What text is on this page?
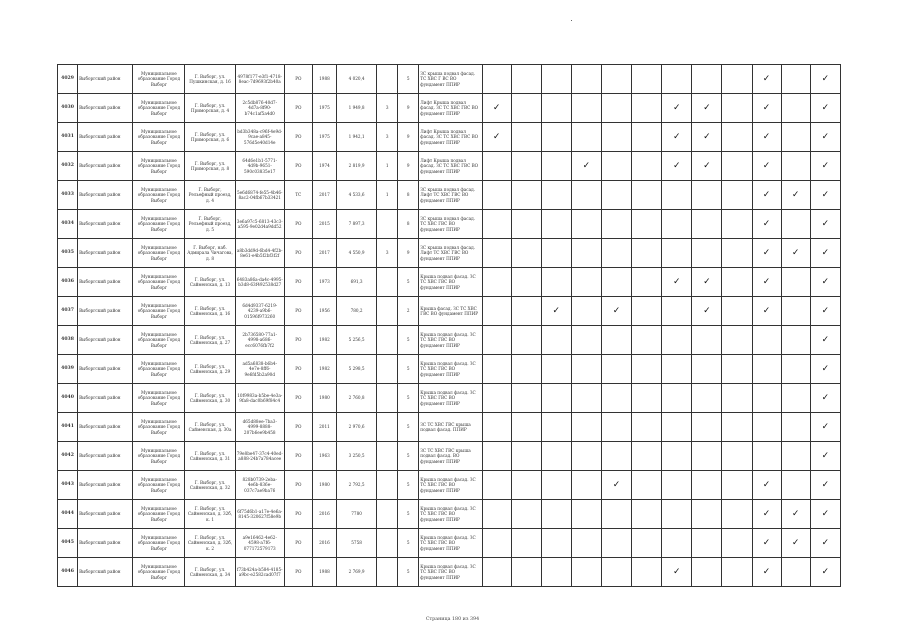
4029	Выборгский район	Муниципальное образование Город Выборг	Г. Выборг, ул. Пушкинская, д. 16	4978f177-e3f1-4718-8eac-7d9693f2b40a	РО	1988	4 020,4		5	ЗС крыша подвал фасад. ТС ХВС Г ВС ВО фундамент ППИР										✓		✓
4030	Выборгский район	Муниципальное образование Город Выборг	Г. Выборг, ул. Приморская, д. 4	2c5db876-40d7-4d7a-8f90-b74c1af5a4d0	РО	1975	1 949,8	3	9	Лифт Крыша подвал фасад. ЗС ТС ХВС ГВС ВО фундамент ППИР	✓						✓	✓		✓		✓
4031	Выборгский район	Муниципальное образование Город Выборг	Г. Выборг, ул. Приморская, д. 6	bd3b348a-c96f-4e9d-9cae-a845-576d5e40d14e	РО	1975	1 942,1	3	9	Лифт Крыша подвал фасад. ЗС ТС ХВС ГВС ВО фундамент ППИР	✓						✓	✓		✓		✓
4032	Выборгский район	Муниципальное образование Город Выборг	Г. Выборг, ул. Приморская, д. 8	64d6e1b1-5771-4d9b-9651-590c03835e17	РО	1974	2 819,9	1	9	Лифт Крыша подвал фасад. ЗС ТС ХВС ГВС ВО фундамент ППИР				✓			✓	✓		✓		✓
4033	Выборгский район	Муниципальное образование Город Выборг	Г. Выборг, Рельефный проезд, д. 4	5e6d6874-fe55-4b46-8ac2-04fb67b33421	ТС	2017	4 533,6	1	8	ЗС крыша подвал фасад. Лифт ТС ХВС ГВС ВО фундамент ППИР										✓	✓	✓
4034	Выборгский район	Муниципальное образование Город Выборг	Г. Выборг, Рельефный проезд, д. 5	3e6a97c5-6813-43c3-a595-9e02d4a9dd52	РО	2015	7 897,3		8	ЗС крыша подвал фасад. ТС ХВС ГВС ВО фундамент ППИР										✓		✓
4035	Выборгский район	Муниципальное образование Город Выборг	Г. Выборг, наб. Адмирала Чичагова, д. 8	a8b3dd9d-6bd4-4f2b-8e61-e4b5f2bf3f2f	РО	2017	4 550,9	3	9	ЗС крыша подвал фасад. Лифт ТС ХВС ГВС ВО фундамент ППИР										✓	✓	✓
4036	Выборгский район	Муниципальное образование Город Выборг	Г. Выборг, ул. Сайменская, д. 13	6483a86a-da4c-4995-b3d8-63f492538d27	РО	1973	691,3		5	Крыша подвал фасад. ЗС ТС ХВС ГВС ВО фундамент ППИР							✓	✓		✓		✓
4037	Выборгский район	Муниципальное образование Город Выборг	Г. Выборг, ул. Сайменская, д. 16	6d4d9337-6219-4239-a9b6-01596f973260	РО	1956	780,2		2	Крыша фасад. ЗС ТС ХВС ГВС ВО фундамент ППИР			✓		✓			✓		✓		✓
4038	Выборгский район	Муниципальное образование Город Выборг	Г. Выборг, ул. Сайменская, д. 27	2b736580-77a1-4998-a686-ecc6076fb7f2	РО	1982	5 256,5		5	Крыша подвал фасад. ЗС ТС ХВС ГВС ВО фундамент ППИР												✓
4039	Выборгский район	Муниципальное образование Город Выборг	Г. Выборг, ул. Сайменская, д. 29	ad5a6838-b6b4-4e7e-8ff6-9e6fd5b2a90d	РО	1982	5 298,5		5	Крыша подвал фасад. ЗС ТС ХВС ГВС ВО фундамент ППИР												✓
4040	Выборгский район	Муниципальное образование Город Выборг	Г. Выборг, ул. Сайменская, д. 30	10f9983a-b5be-4e3a-9fa8-dac0b69f84c4	РО	1980	2 760,8		5	Крыша подвал фасад. ЗС ТС ХВС ГВС ВО фундамент ППИР												✓
4041	Выборгский район	Муниципальное образование Город Выборг	Г. Выборг, ул. Сайменская, д. 30а	d65d88ee-7ba3-4999-8888-207b6ee9b458	РО	2011	2 970,6		5	ЗС ТС ХВС ГВС крыша подвал фасад. ППИР												✓
4042	Выборгский район	Муниципальное образование Город Выборг	Г. Выборг, ул. Сайменская, д. 31	79e8be47-37c4-40ed-a888-24b7a784acee	РО	1963	3 250,5		5	ЗС ТС ХВС ГВС крыша подвал фасад. ВО фундамент ППИР												✓
4043	Выборгский район	Муниципальное образование Город Выборг	Г. Выборг, ул. Сайменская, д. 32	828b0739-2eba-4e6b-836e-037c7ae9ba76	РО	1980	2 792,5		5	Крыша подвал фасад. ЗС ТС ХВС ГВС ВО фундамент ППИР					✓					✓		✓
4044	Выборгский район	Муниципальное образование Город Выборг	Г. Выборг, ул. Сайменская, д. 32б, к. 1	6f75d6b1-a17e-4e6a-8145-320627f58e9b	РО	2016	7780		5	Крыша подвал фасад. ЗС ТС ХВС ГВС ВО фундамент ППИР										✓	✓	✓
4045	Выборгский район	Муниципальное образование Город Выборг	Г. Выборг, ул. Сайменская, д. 32б, к. 2	a9e16462-4e62-4598-a7f6-077172579173	РО	2016	5758		5	Крыша подвал фасад. ЗС ТС ХВС ГВС ВО фундамент ППИР										✓	✓	✓
4046	Выборгский район	Муниципальное образование Город Выборг	Г. Выборг, ул. Сайменская, д. 34	f73b424a-b584-4185-a9bc-e2582cad07f7	РО	1988	2 769,9		5	Крыша подвал фасад. ЗС ТС ХВС ГВС ВО фундамент ППИР							✓			✓		✓
Страница 180 из 394
